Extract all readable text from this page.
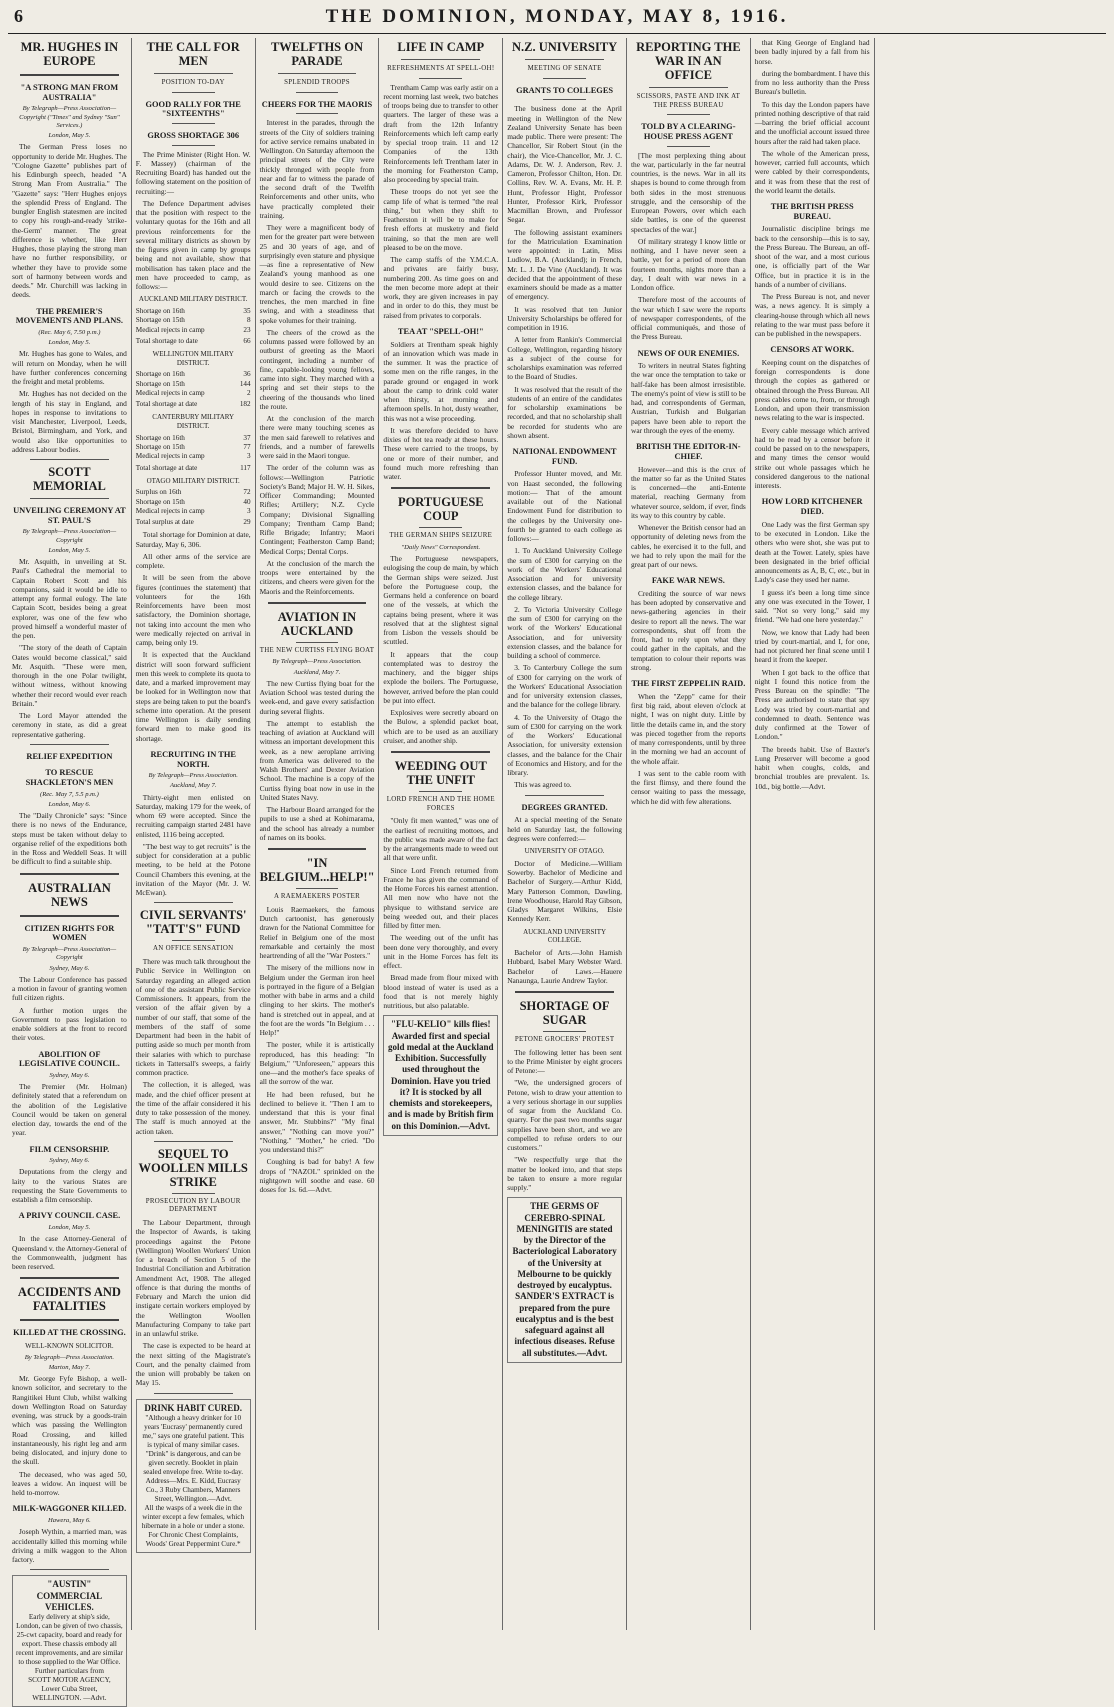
6	THE DOMINION, MONDAY, MAY 8, 1916.
MR. HUGHES IN EUROPE
"A STRONG MAN FROM AUSTRALIA"
By Telegraph—Press Association—Copyright ("Times" and Sydney "Sun" Services.)
London, May 5.

The German Press loses no opportunity to deride Mr. Hughes. The "Cologne Gazette" publishes part of his Edinburgh speech, headed "A Strong Man From Australia." The "Gazette" says: "Herr Hughes enjoys the splendid Press of England. The bungler English statesmen are incited to copy his rough-and-ready 'strike-the-Germ' manner. The great difference is whether, like Herr Hughes, those playing the strong man have no further responsibility, or whether they have to provide some sort of harmony between words and deeds." Mr. Churchill was lacking in deeds.

THE PREMIER'S MOVEMENTS AND PLANS.
(Rec. May 6, 7.50 p.m.)
London, May 5.

Mr. Hughes has gone to Wales, and will return on Monday, when he will have further conferences concerning the freight and metal problems.

Mr. Hughes has not decided on the length of his stay in England, and hopes in response to invitations to visit Manchester, Liverpool, Leeds, Bristol, Birmingham, and York, and would also like opportunities to address Labour bodies.

SCOTT MEMORIAL
UNVEILING CEREMONY AT ST. PAUL'S
By Telegraph—Press Association—Copyright
London, May 5.

Mr. Asquith, in unveiling at St. Paul's Cathedral the memorial to Captain Robert Scott and his companions, said it would be idle to attempt any formal eulogy. The late Captain Scott, besides being a great explorer, was one of the few who proved himself a wonderful master of the pen.

"The story of the death of Captain Oates would become classical," said Mr. Asquith. "These were men, thorough in the one Polar twilight, without witness, without knowing whether their record would ever reach Britain."

The Lord Mayor attended the ceremony in state, as did a great representative gathering.

RELIEF EXPEDITION
TO RESCUE SHACKLETON'S MEN
(Rec. May 7, 5.5 p.m.)
London, May 6.

The "Daily Chronicle" says: "Since there is no news of the Endurance, steps must be taken without delay to organise relief of the expeditions both in the Ross and Weddell Seas. It will be difficult to find a suitable ship.

AUSTRALIAN NEWS
CITIZEN RIGHTS FOR WOMEN
By Telegraph—Press Association—Copyright
Sydney, May 6.

The Labour Conference has passed a motion in favour of granting women full citizen rights.

A further motion urges the Government to pass legislation to enable soldiers at the front to record their votes.

ABOLITION OF LEGISLATIVE COUNCIL.
Sydney, May 6.

The Premier (Mr. Holman) definitely stated that a referendum on the abolition of the Legislative Council would be taken on general election day, towards the end of the year.

FILM CENSORSHIP.
Sydney, May 6.

Deputations from the clergy and laity to the various States are requesting the State Governments to establish a film censorship.

A PRIVY COUNCIL CASE.
London, May 5.

In the case Attorney-General of Queensland v. the Attorney-General of the Commonwealth, judgment has been reserved.

ACCIDENTS AND FATALITIES
KILLED AT THE CROSSING.
WELL-KNOWN SOLICITOR.
By Telegraph—Press Association.
Marton, May 7.

Mr. George Fyfe Bishop, a well-known solicitor, and secretary to the Rangitikei Hunt Club, whilst walking down Wellington Road on Saturday evening, was struck by a goods-train which was passing the Wellington Road Crossing, and killed instantaneously, his right leg and arm being dislocated, and injury done to the skull.

The deceased, who was aged 50, leaves a widow. An inquest will be held to-morrow.

MILK-WAGGONER KILLED.
Hawera, May 6.

Joseph Wythin, a married man, was accidentally killed this morning while driving a milk waggon to the Alton factory.

"AUSTIN" COMMERCIAL VEHICLES.
Early delivery at ship's side, London, can be given of two chassis, 25-cwt capacity, board and ready for export. These chassis embody all recent improvements, and are similar to those supplied to the War Office.
Further particulars from
SCOTT MOTOR AGENCY,
Lower Cuba Street,
WELLINGTON. —Advt.
THE CALL FOR MEN
POSITION TO-DAY
GOOD RALLY FOR THE "SIXTEENTHS"
GROSS SHORTAGE 306

The Prime Minister (Right Hon. W. F. Massey) (chairman of the Recruiting Board) has handed out the following statement on the position of recruiting:—

The Defence Department advises that the position with respect to the voluntary quotas for the 16th and all previous reinforcements for the several military districts as shown by the figures given in camp by groups being and not available, show that mobilisation has taken place and the men have proceeded to camp, as follows:—

AUCKLAND MILITARY DISTRICT.
Shortage on 16th	35
Shortage on 15th	8
Medical rejects in camp	23
Total shortage to date	66
WELLINGTON MILITARY DISTRICT.
Shortage on 16th	36
Shortage on 15th	144
Medical rejects in camp	2
Total shortage at date	182
CANTERBURY MILITARY DISTRICT.
Shortage on 16th	37
Shortage on 15th	77
Medical rejects in camp	3
Total shortage at date	117
OTAGO MILITARY DISTRICT.
Surplus on 16th	72
Shortage on 15th	40
Medical rejects in camp	3
Total surplus at date	29

Total shortage for Dominion at date, Saturday, May 6, 306.

All other arms of the service are complete.

It will be seen from the above figures (continues the statement) that volunteers for the 16th Reinforcements have been most satisfactory, the Dominion shortage, not taking into account the men who were medically rejected on arrival in camp, being only 19.

It is expected that the Auckland district will soon forward sufficient men this week to complete its quota to date, and a marked improvement may be looked for in Wellington now that steps are being taken to put the board's scheme into operation. At the present time Wellington is daily sending forward men to make good its shortage.

RECRUITING IN THE NORTH.
By Telegraph—Press Association.
Auckland, May 7.

Thirty-eight men enlisted on Saturday, making 179 for the week, of whom 69 were accepted. Since the recruiting campaign started 2481 have enlisted, 1116 being accepted.

"The best way to get recruits" is the subject for consideration at a public meeting, to be held at the Potone Council Chambers this evening, at the invitation of the Mayor (Mr. J. W. McEwan).

CIVIL SERVANTS' "TATT'S" FUND
AN OFFICE SENSATION

There was much talk throughout the Public Service in Wellington on Saturday regarding an alleged action of one of the assistant Public Service Commissioners. It appears, from the version of the affair given by a number of our staff, that some of the members of the staff of some Department had been in the habit of putting aside so much per month from their salaries with which to purchase tickets in Tattersall's sweeps, a fairly common practice.

The collection, it is alleged, was made, and the chief officer present at the time of the affair considered it his duty to take possession of the money. The staff is much annoyed at the action taken.

SEQUEL TO WOOLLEN MILLS STRIKE
PROSECUTION BY LABOUR DEPARTMENT

The Labour Department, through the Inspector of Awards, is taking proceedings against the Petone (Wellington) Woollen Workers' Union for a breach of Section 5 of the Industrial Conciliation and Arbitration Amendment Act, 1908. The alleged offence is that during the months of February and March the union did instigate certain workers employed by the Wellington Woollen Manufacturing Company to take part in an unlawful strike.

The case is expected to be heard at the next sitting of the Magistrate's Court, and the penalty claimed from the union will probably be taken on May 15.

DRINK HABIT CURED.
"Although a heavy drinker for 10 years 'Eucrasy' permanently cured me," says one grateful patient. This is typical of many similar cases. "Drink" is dangerous, and can be given secretly. Booklet in plain sealed envelope free. Write to-day. Address—Mrs. E. Kidd, Eucrasy Co., 3 Ruby Chambers, Manners Street, Wellington.—Advt.
All the wasps of a week die in the winter except a few females, which hibernate in a hole or under a stone.
For Chronic Chest Complaints, Woods' Great Peppermint Cure.*
TWELFTHS ON PARADE
SPLENDID TROOPS
CHEERS FOR THE MAORIS

Interest in the parades, through the streets of the City of soldiers training for active service remains unabated in Wellington. On Saturday afternoon the principal streets of the City were thickly thronged with people from near and far to witness the parade of the second draft of the Twelfth Reinforcements and other units, who have practically completed their training.

They were a magnificent body of men for the greater part were between 25 and 30 years of age, and of surprisingly even stature and physique—as fine a representative of New Zealand's young manhood as one would desire to see. Citizens on the march or facing the crowds to the trenches, the men marched in fine swing, and with a steadiness that spoke volumes for their training.

The cheers of the crowd as the columns passed were followed by an outburst of greeting as the Maori contingent, including a number of fine, capable-looking young fellows, came into sight. They marched with a spring and set their steps to the cheering of the thousands who lined the route.

At the conclusion of the march there were many touching scenes as the men said farewell to relatives and friends, and a number of farewells were said in the Maori tongue.

The order of the column was as follows:—Wellington Patriotic Society's Band; Major H. W. H. Sikes, Officer Commanding; Mounted Rifles; Artillery; N.Z. Cycle Company; Divisional Signalling Company; Trentham Camp Band; Rifle Brigade; Infantry; Maori Contingent; Featherston Camp Band; Medical Corps; Dental Corps.

At the conclusion of the march the troops were entertained by the citizens, and cheers were given for the Maoris and the Reinforcements.

AVIATION IN AUCKLAND
THE NEW CURTISS FLYING BOAT
By Telegraph—Press Association.
Auckland, May 7.

The new Curtiss flying boat for the Aviation School was tested during the week-end, and gave every satisfaction during several flights.

The attempt to establish the teaching of aviation at Auckland will witness an important development this week, as a new aeroplane arriving from America was delivered to the Walsh Brothers' and Dexter Aviation School. The machine is a copy of the Curtiss flying boat now in use in the United States Navy.

The Harbour Board arranged for the pupils to use a shed at Kohimarama, and the school has already a number of names on its books.

"IN BELGIUM...HELP!"
A RAEMAEKERS POSTER

Louis Raemaekers, the famous Dutch cartoonist, has generously drawn for the National Committee for Relief in Belgium one of the most remarkable and certainly the most heartrending of all the "War Posters."

The misery of the millions now in Belgium under the German iron heel is portrayed in the figure of a Belgian mother with babe in arms and a child clinging to her skirts. The mother's hand is stretched out in appeal, and at the foot are the words "In Belgium . . . Help!"

The poster, while it is artistically reproduced, has this heading: "In Belgium," "Unforeseen," appears this one—and the mother's face speaks of all the sorrow of the war.

He had been refused, but he declined to believe it. "Then I am to understand that this is your final answer, Mr. Stubbins?" "My final answer," "Nothing can move you?" "Nothing." "Mother," he cried. "Do you understand this?"

Coughing is bad for baby! A few drops of "NAZOL" sprinkled on the nightgown will soothe and ease. 60 doses for 1s. 6d.—Advt.

LIFE IN CAMP
REFRESHMENTS AT SPELL-OH!

Trentham Camp was early astir on a recent morning last week, two batches of troops being due to transfer to other quarters. The larger of these was a draft from the 12th Infantry Reinforcements which left camp early by special troop train. 11 and 12 Companies of the 13th Reinforcements left Trentham later in the morning for Featherston Camp, also proceeding by special train.

These troops do not yet see the camp life of what is termed "the real thing," but when they shift to Featherston it will be to make for fresh efforts at musketry and field training, so that the men are well pleased to be on the move.

The camp staffs of the Y.M.C.A. and privates are fairly busy, numbering 200. As time goes on and the men become more adept at their work, they are given increases in pay and in order to do this, they must be raised from privates to corporals.

TEA AT "SPELL-OH!"

Soldiers at Trentham speak highly of an innovation which was made in the summer. It was the practice of some men on the rifle ranges, in the parade ground or engaged in work about the camp to drink cold water when thirsty, at morning and afternoon spells. In hot, dusty weather, this was not a wise proceeding.

It was therefore decided to have dixies of hot tea ready at these hours. These were carried to the troops, by one or more of their number, and found much more refreshing than water.

PORTUGUESE COUP
THE GERMAN SHIPS SEIZURE
"Daily News" Correspondent.

The Portuguese newspapers, eulogising the coup de main, by which the German ships were seized. Just before the Portuguese coup, the Germans held a conference on board one of the vessels, at which the captains being present, where it was resolved that at the slightest signal from Lisbon the vessels should be scuttled.

It appears that the coup contemplated was to destroy the machinery, and the bigger ships explode the boilers. The Portuguese, however, arrived before the plan could be put into effect.

Explosives were secretly aboard on the Bulow, a splendid packet boat, which are to be used as an auxiliary cruiser, and another ship.

WEEDING OUT THE UNFIT
LORD FRENCH AND THE HOME FORCES

"Only fit men wanted," was one of the earliest of recruiting mottoes, and the public was made aware of the fact by the arrangements made to weed out all that were unfit.

Since Lord French returned from France he has given the command of the Home Forces his earnest attention. All men now who have not the physique to withstand service are being weeded out, and their places filled by fitter men.

The weeding out of the unfit has been done very thoroughly, and every unit in the Home Forces has felt its effect.

Bread made from flour mixed with blood instead of water is used as a food that is not merely highly nutritious, but also palatable.

"FLU-KELIO" kills flies! Awarded first and special gold medal at the Auckland Exhibition. Successfully used throughout the Dominion. Have you tried it? It is stocked by all chemists and storekeepers, and is made by British firm on this Dominion.—Advt.
N.Z. UNIVERSITY
MEETING OF SENATE
GRANTS TO COLLEGES

The business done at the April meeting in Wellington of the New Zealand University Senate has been made public. There were present: The Chancellor, Sir Robert Stout (in the chair), the Vice-Chancellor, Mr. J. C. Adams, Dr. W. J. Anderson, Rev. J. Cameron, Professor Chilton, Hon. Dr. Collins, Rev. W. A. Evans, Mr. H. P. Hunt, Professor Hight, Professor Hunter, Professor Kirk, Professor Macmillan Brown, and Professor Segar.

The following assistant examiners for the Matriculation Examination were appointed: in Latin, Miss Ludlow, B.A. (Auckland); in French, Mr. L. J. De Vine (Auckland). It was decided that the appointment of these examiners should be made as a matter of emergency.

It was resolved that ten Junior University Scholarships be offered for competition in 1916.

A letter from Rankin's Commercial College, Wellington, regarding history as a subject of the course for scholarships examination was referred to the Board of Studies.

It was resolved that the result of the students of an entire of the candidates for scholarship examinations be recorded, and that no scholarship shall be recorded for students who are shown absent.

NATIONAL ENDOWMENT FUND.

Professor Hunter moved, and Mr. von Haast seconded, the following motion:— That of the amount available out of the National Endowment Fund for distribution to the colleges by the University one-fourth be granted to each college as follows:—

1. To Auckland University College the sum of £300 for carrying on the work of the Workers' Educational Association and for university extension classes, and the balance for the college library.

2. To Victoria University College the sum of £300 for carrying on the work of the Workers' Educational Association, and for university extension classes, and the balance for building a school of commerce.

3. To Canterbury College the sum of £300 for carrying on the work of the Workers' Educational Association and for university extension classes, and the balance for the college library.

4. To the University of Otago the sum of £300 for carrying on the work of the Workers' Educational Association, for university extension classes, and the balance for the Chair of Economics and History, and for the library.

This was agreed to.

DEGREES GRANTED.

At a special meeting of the Senate held on Saturday last, the following degrees were conferred:—

UNIVERSITY OF OTAGO.

Doctor of Medicine.—William Sowerby. Bachelor of Medicine and Bachelor of Surgery.—Arthur Kidd, Mary Patterson Common, Dawling, Irene Woodhouse, Harold Ray Gibson, Gladys Margaret Wilkins, Elsie Kennedy Kerr.

AUCKLAND UNIVERSITY COLLEGE.

Bachelor of Arts.—John Hamish Hubbard, Isabel Mary Webster Ward. Bachelor of Laws.—Hauere Nanaunga, Laurie Andrew Taylor.

SHORTAGE OF SUGAR
PETONE GROCERS' PROTEST

The following letter has been sent to the Prime Minister by eight grocers of Petone:—

"We, the undersigned grocers of Petone, wish to draw your attention to a very serious shortage in our supplies of sugar from the Auckland Co. quarry. For the past two months sugar supplies have been short, and we are compelled to refuse orders to our customers."

"We respectfully urge that the matter be looked into, and that steps be taken to ensure a more regular supply."

THE GERMS OF CEREBRO-SPINAL MENINGITIS are stated by the Director of the Bacteriological Laboratory of the University at Melbourne to be quickly destroyed by eucalyptus. SANDER'S EXTRACT is prepared from the pure eucalyptus and is the best safeguard against all infectious diseases. Refuse all substitutes.—Advt.
REPORTING THE WAR IN AN OFFICE
SCISSORS, PASTE AND INK AT THE PRESS BUREAU
TOLD BY A CLEARING-HOUSE PRESS AGENT

[The most perplexing thing about the war, particularly in the far neutral countries, is the news. War in all its shapes is bound to come through from both sides in the most strenuous struggle, and the censorship of the European Powers, over which each side battles, is one of the queerest spectacles of the war.]

Of military strategy I know little or nothing, and I have never seen a battle, yet for a period of more than fourteen months, nights more than a day, I dealt with war news in a London office.

Therefore most of the accounts of the war which I saw were the reports of newspaper correspondents, of the official communiqués, and those of the Press Bureau.

NEWS OF OUR ENEMIES.

To writers in neutral States fighting the war once the temptation to take or half-fake has been almost irresistible. The enemy's point of view is still to be had, and correspondents of German, Austrian, Turkish and Bulgarian papers have been able to report the war through the eyes of the enemy.

BRITISH THE EDITOR-IN-CHIEF.

However—and this is the crux of the matter so far as the United States is concerned—the anti-Entente material, reaching Germany from whatever source, seldom, if ever, finds its way to this country by cable.

Whenever the British censor had an opportunity of deleting news from the cables, he exercised it to the full, and we had to rely upon the mail for the great part of our news.

FAKE WAR NEWS.

Crediting the source of war news has been adopted by conservative and news-gathering agencies in their desire to report all the news. The war correspondents, shut off from the front, had to rely upon what they could gather in the capitals, and the temptation to colour their reports was strong.

THE FIRST ZEPPELIN RAID.

When the "Zepp" came for their first big raid, about eleven o'clock at night, I was on night duty. Little by little the details came in, and the story was pieced together from the reports of many correspondents, until by three in the morning we had an account of the whole affair.

I was sent to the cable room with the first flimsy, and there found the censor waiting to pass the message, which he did with few alterations.

that King George of England had been badly injured by a fall from his horse.

during the bombardment. I have this from no less authority than the Press Bureau's bulletin.

To this day the London papers have printed nothing descriptive of that raid —barring the brief official account and the unofficial account issued three hours after the raid had taken place.

The whole of the American press, however, carried full accounts, which were cabled by their correspondents, and it was from these that the rest of the world learnt the details.

THE BRITISH PRESS BUREAU.

Journalistic discipline brings me back to the censorship—this is to say, the Press Bureau. The Bureau, an off-shoot of the war, and a most curious one, is officially part of the War Office, but in practice it is in the hands of a number of civilians.

The Press Bureau is not, and never was, a news agency. It is simply a clearing-house through which all news relating to the war must pass before it can be published in the newspapers.

CENSORS AT WORK.

Keeping count on the dispatches of foreign correspondents is done through the copies as gathered or obtained through the Press Bureau. All press cables come to, from, or through London, and upon their transmission news relating to the war is inspected.

Every cable message which arrived had to be read by a censor before it could be passed on to the newspapers, and many times the censor would strike out whole passages which he considered dangerous to the national interests.

HOW LORD KITCHENER DIED.

One Lady was the first German spy to be executed in London. Like the others who were shot, she was put to death at the Tower. Lately, spies have been designated in the brief official announcements as A, B, C, etc., but in Lady's case they used her name.

I guess it's been a long time since any one was executed in the Tower, I said. "Not so very long," said my friend. "We had one here yesterday."

Now, we know that Lady had been tried by court-martial, and I, for one, had not pictured her final scene until I heard it from the keeper.

When I got back to the office that night I found this notice from the Press Bureau on the spindle: "The Press are authorised to state that spy Lody was tried by court-martial and condemned to death. Sentence was duly confirmed at the Tower of London."

The breeds habit. Use of Baxter's Lung Preserver will become a good habit when coughs, colds, and bronchial troubles are prevalent. 1s. 10d., big bottle.—Advt.
